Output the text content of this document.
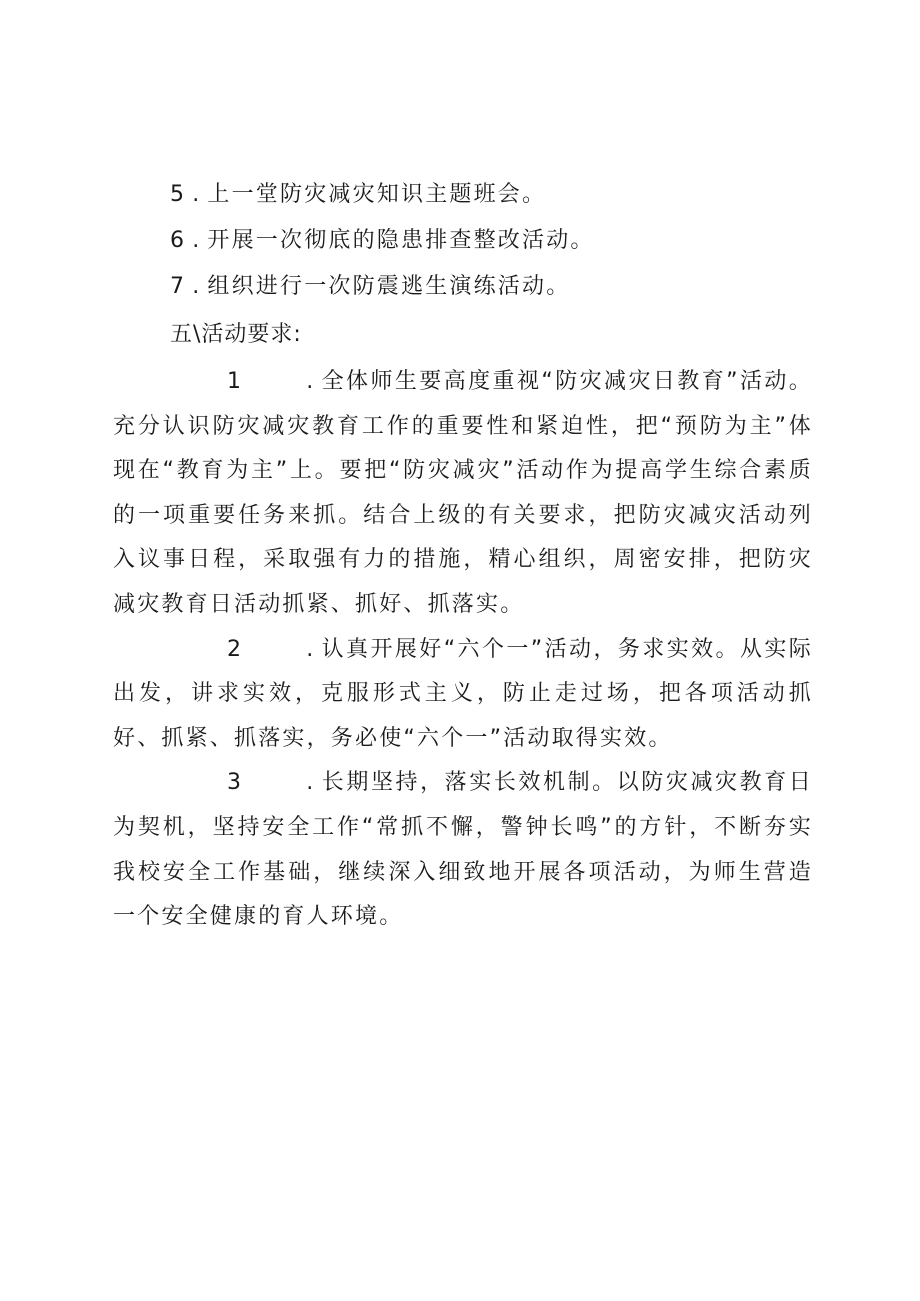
5 . 上一堂防灾减灾知识主题班会。
6 . 开展一次彻底的隐患排查整改活动。
7 . 组织进行一次防震逃生演练活动。
五\活动要求:

1	. 全体师生要高度重视“防灾减灾日教育”活动。充分认识防灾减灾教育工作的重要性和紧迫性，把“预防为主”体现在“教育为主”上。要把“防灾减灾”活动作为提高学生综合素质的一项重要任务来抓。结合上级的有关要求，把防灾减灾活动列入议事日程，采取强有力的措施，精心组织，周密安排，把防灾减灾教育日活动抓紧、抓好、抓落实。

2	. 认真开展好“六个一”活动，务求实效。从实际出发，讲求实效，克服形式主义，防止走过场，把各项活动抓好、抓紧、抓落实，务必使“六个一”活动取得实效。

3	. 长期坚持，落实长效机制。以防灾减灾教育日为契机，坚持安全工作“常抓不懈，警钟长鸣”的方针，不断夯实我校安全工作基础，继续深入细致地开展各项活动，为师生营造一个安全健康的育人环境。
